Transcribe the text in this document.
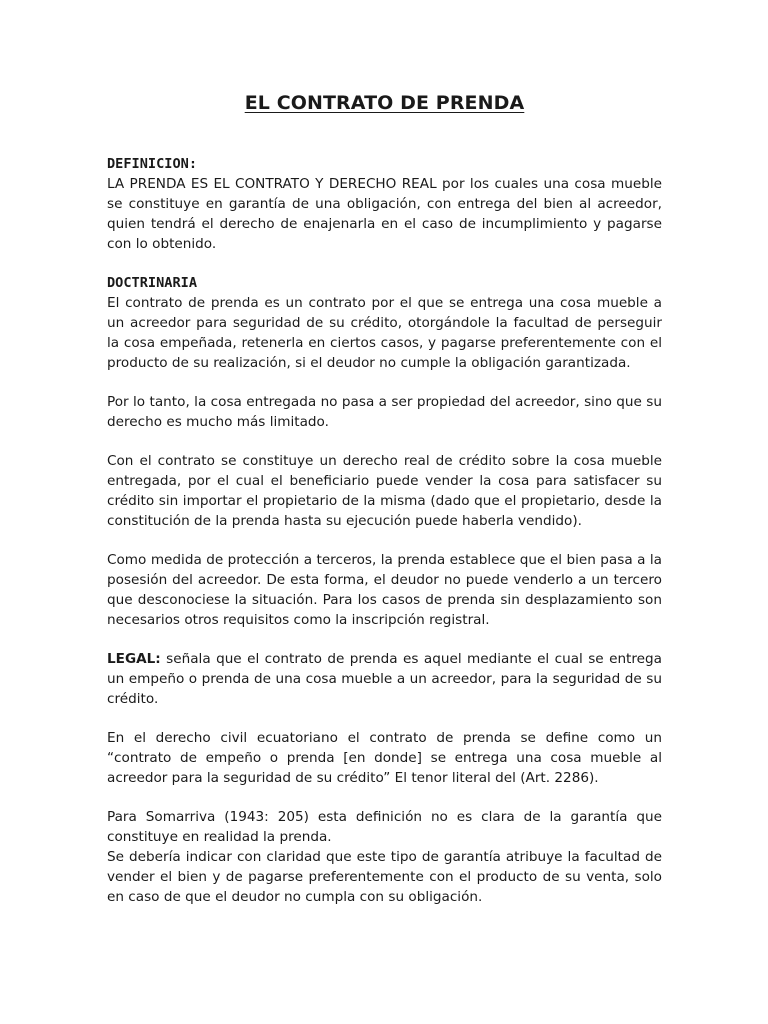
EL CONTRATO DE PRENDA
DEFINICION:
LA PRENDA ES EL CONTRATO Y DERECHO REAL por los cuales una cosa mueble se constituye en garantía de una obligación, con entrega del bien al acreedor, quien tendrá el derecho de enajenarla en el caso de incumplimiento y pagarse con lo obtenido.
DOCTRINARIA
El contrato de prenda es un contrato por el que se entrega una cosa mueble a un acreedor para seguridad de su crédito, otorgándole la facultad de perseguir la cosa empeñada, retenerla en ciertos casos, y pagarse preferentemente con el producto de su realización, si el deudor no cumple la obligación garantizada.
Por lo tanto, la cosa entregada no pasa a ser propiedad del acreedor, sino que su derecho es mucho más limitado.
Con el contrato se constituye un derecho real de crédito sobre la cosa mueble entregada, por el cual el beneficiario puede vender la cosa para satisfacer su crédito sin importar el propietario de la misma (dado que el propietario, desde la constitución de la prenda hasta su ejecución puede haberla vendido).
Como medida de protección a terceros, la prenda establece que el bien pasa a la posesión del acreedor. De esta forma, el deudor no puede venderlo a un tercero que desconociese la situación. Para los casos de prenda sin desplazamiento son necesarios otros requisitos como la inscripción registral.
LEGAL: señala que el contrato de prenda es aquel mediante el cual se entrega un empeño o prenda de una cosa mueble a un acreedor, para la seguridad de su crédito.
En el derecho civil ecuatoriano el contrato de prenda se define como un “contrato de empeño o prenda [en donde] se entrega una cosa mueble al acreedor para la seguridad de su crédito” El tenor literal del (Art. 2286).
Para Somarriva (1943: 205) esta definición no es clara de la garantía que constituye en realidad la prenda.
Se debería indicar con claridad que este tipo de garantía atribuye la facultad de vender el bien y de pagarse preferentemente con el producto de su venta, solo en caso de que el deudor no cumpla con su obligación.
